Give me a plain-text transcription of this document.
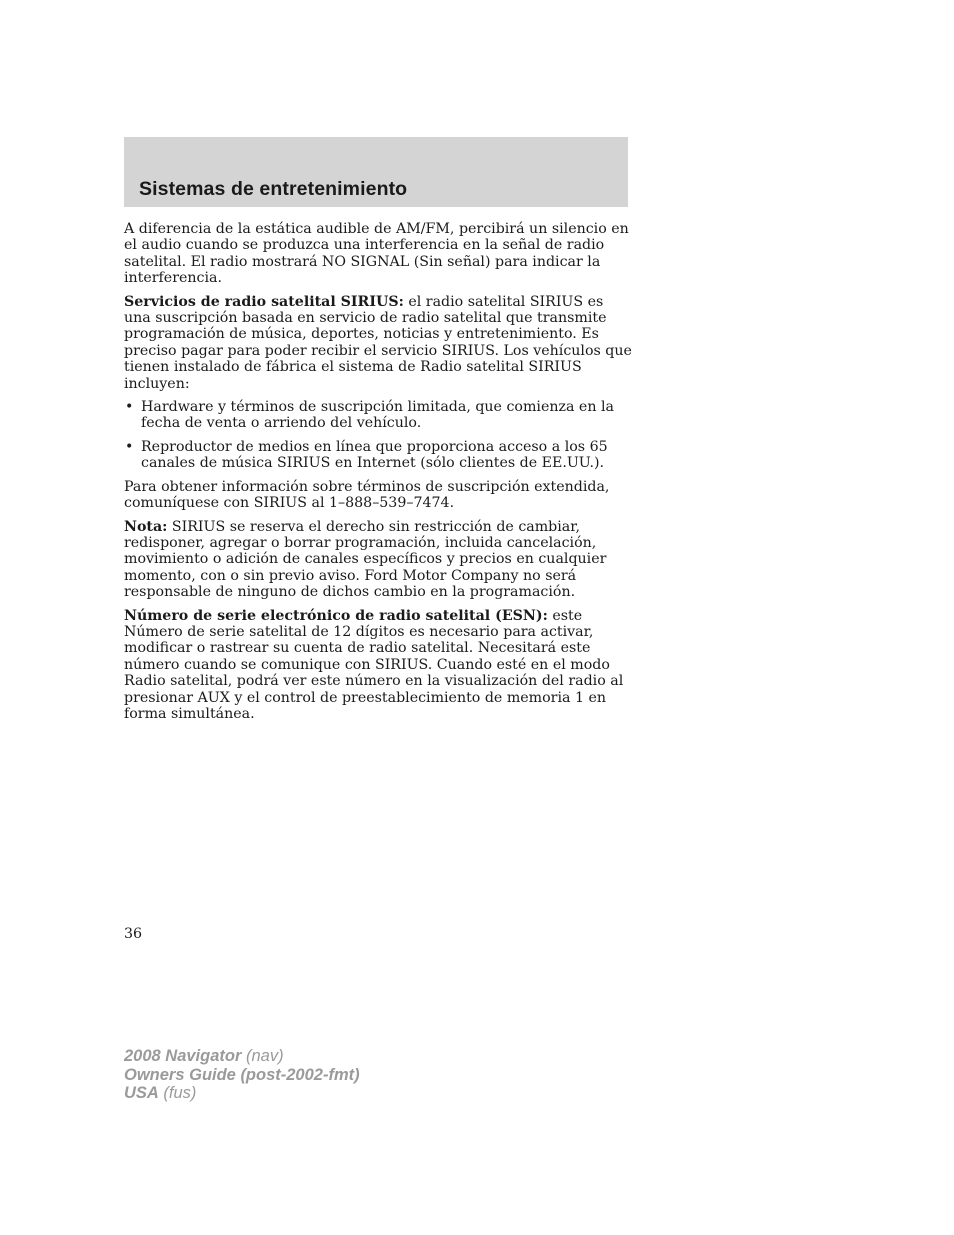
Sistemas de entretenimiento

A diferencia de la estática audible de AM/FM, percibirá un silencio en el audio cuando se produzca una interferencia en la señal de radio satelital. El radio mostrará NO SIGNAL (Sin señal) para indicar la interferencia.

Servicios de radio satelital SIRIUS: el radio satelital SIRIUS es una suscripción basada en servicio de radio satelital que transmite programación de música, deportes, noticias y entretenimiento. Es preciso pagar para poder recibir el servicio SIRIUS. Los vehículos que tienen instalado de fábrica el sistema de Radio satelital SIRIUS incluyen:

• Hardware y términos de suscripción limitada, que comienza en la fecha de venta o arriendo del vehículo.
• Reproductor de medios en línea que proporciona acceso a los 65 canales de música SIRIUS en Internet (sólo clientes de EE.UU.).

Para obtener información sobre términos de suscripción extendida, comuníquese con SIRIUS al 1–888–539–7474.

Nota: SIRIUS se reserva el derecho sin restricción de cambiar, redisponer, agregar o borrar programación, incluida cancelación, movimiento o adición de canales específicos y precios en cualquier momento, con o sin previo aviso. Ford Motor Company no será responsable de ninguno de dichos cambio en la programación.

Número de serie electrónico de radio satelital (ESN): este Número de serie satelital de 12 dígitos es necesario para activar, modificar o rastrear su cuenta de radio satelital. Necesitará este número cuando se comunique con SIRIUS. Cuando esté en el modo Radio satelital, podrá ver este número en la visualización del radio al presionar AUX y el control de preestablecimiento de memoria 1 en forma simultánea.

36
2008 Navigator (nav)
Owners Guide (post-2002-fmt)
USA (fus)
